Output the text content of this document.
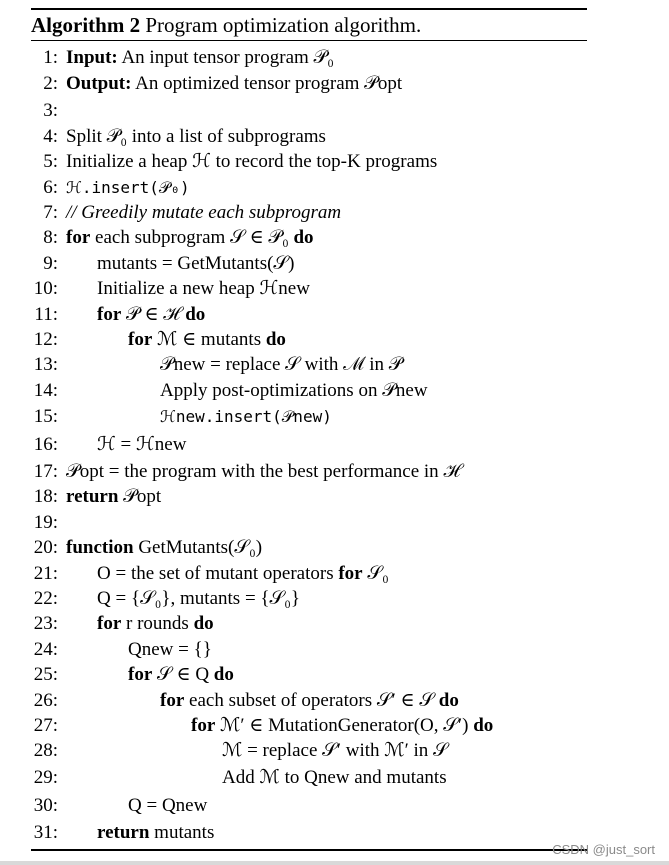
Algorithm 2 Program optimization algorithm.
1: Input: An input tensor program 𝒫₀
2: Output: An optimized tensor program 𝒫opt
3:
4: Split 𝒫₀ into a list of subprograms
5: Initialize a heap ℋ to record the top-K programs
6: ℋ.insert(𝒫₀)
7: // Greedily mutate each subprogram
8: for each subprogram 𝒮 ∈ 𝒫₀ do
9: mutants = GetMutants(𝒮)
10: Initialize a new heap ℋnew
11: for 𝒫 ∈ ℋ do
12:	for ℳ ∈ mutants do
13:	𝒫new = replace 𝒮 with ℳ in 𝒫
14:	Apply post-optimizations on 𝒫new
15:	ℋnew.insert(𝒫new)
16: ℋ = ℋnew
17: 𝒫opt = the program with the best performance in ℋ
18: return 𝒫opt
19:
20: function GetMutants(𝒮₀)
21: O = the set of mutant operators for 𝒮₀
22: Q = {𝒮₀}, mutants = {𝒮₀}
23: for r rounds do
24:	Qnew = {}
25:	for 𝒮 ∈ Q do
26:	for each subset of operators 𝒮′ ∈ 𝒮 do
27:	for ℳ′ ∈ MutationGenerator(O, 𝒮′) do
28:	ℳ = replace 𝒮′ with ℳ′ in 𝒮
29:	Add ℳ to Qnew and mutants
30:	Q = Qnew
31: return mutants
CSDN @just_sort
